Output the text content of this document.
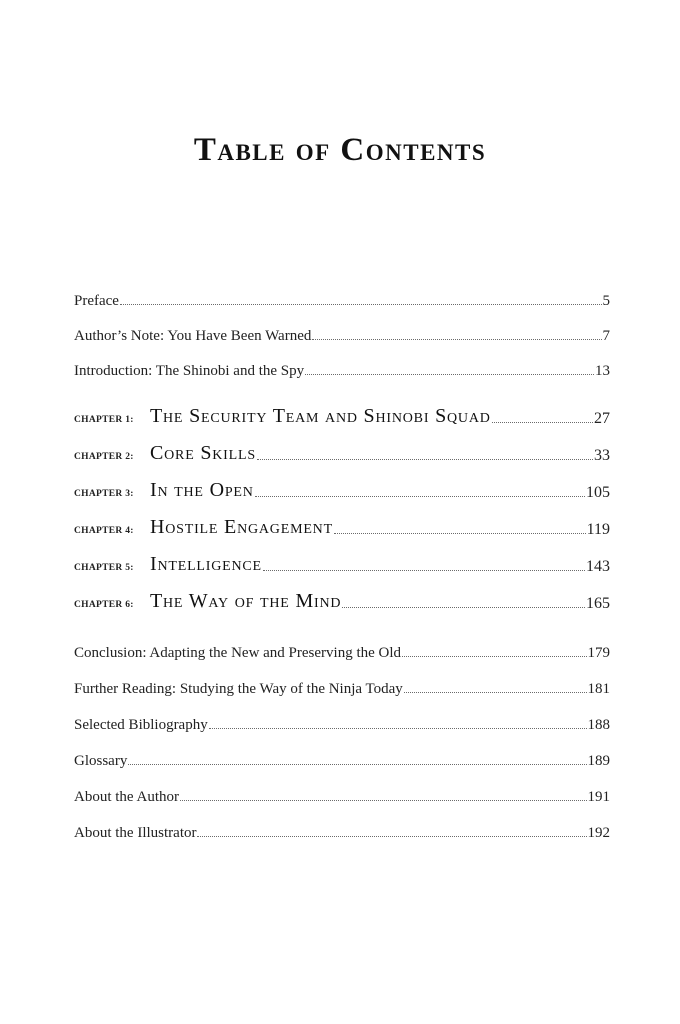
Table of Contents
Preface	5
Author’s Note: You Have Been Warned	7
Introduction: The Shinobi and the Spy	13
CHAPTER 1: The Security Team and Shinobi Squad	27
CHAPTER 2: Core Skills	33
CHAPTER 3: In the Open	105
CHAPTER 4: Hostile Engagement	119
CHAPTER 5: Intelligence	143
CHAPTER 6: The Way of the Mind	165
Conclusion: Adapting the New and Preserving the Old	179
Further Reading: Studying the Way of the Ninja Today	181
Selected Bibliography	188
Glossary	189
About the Author	191
About the Illustrator	192
